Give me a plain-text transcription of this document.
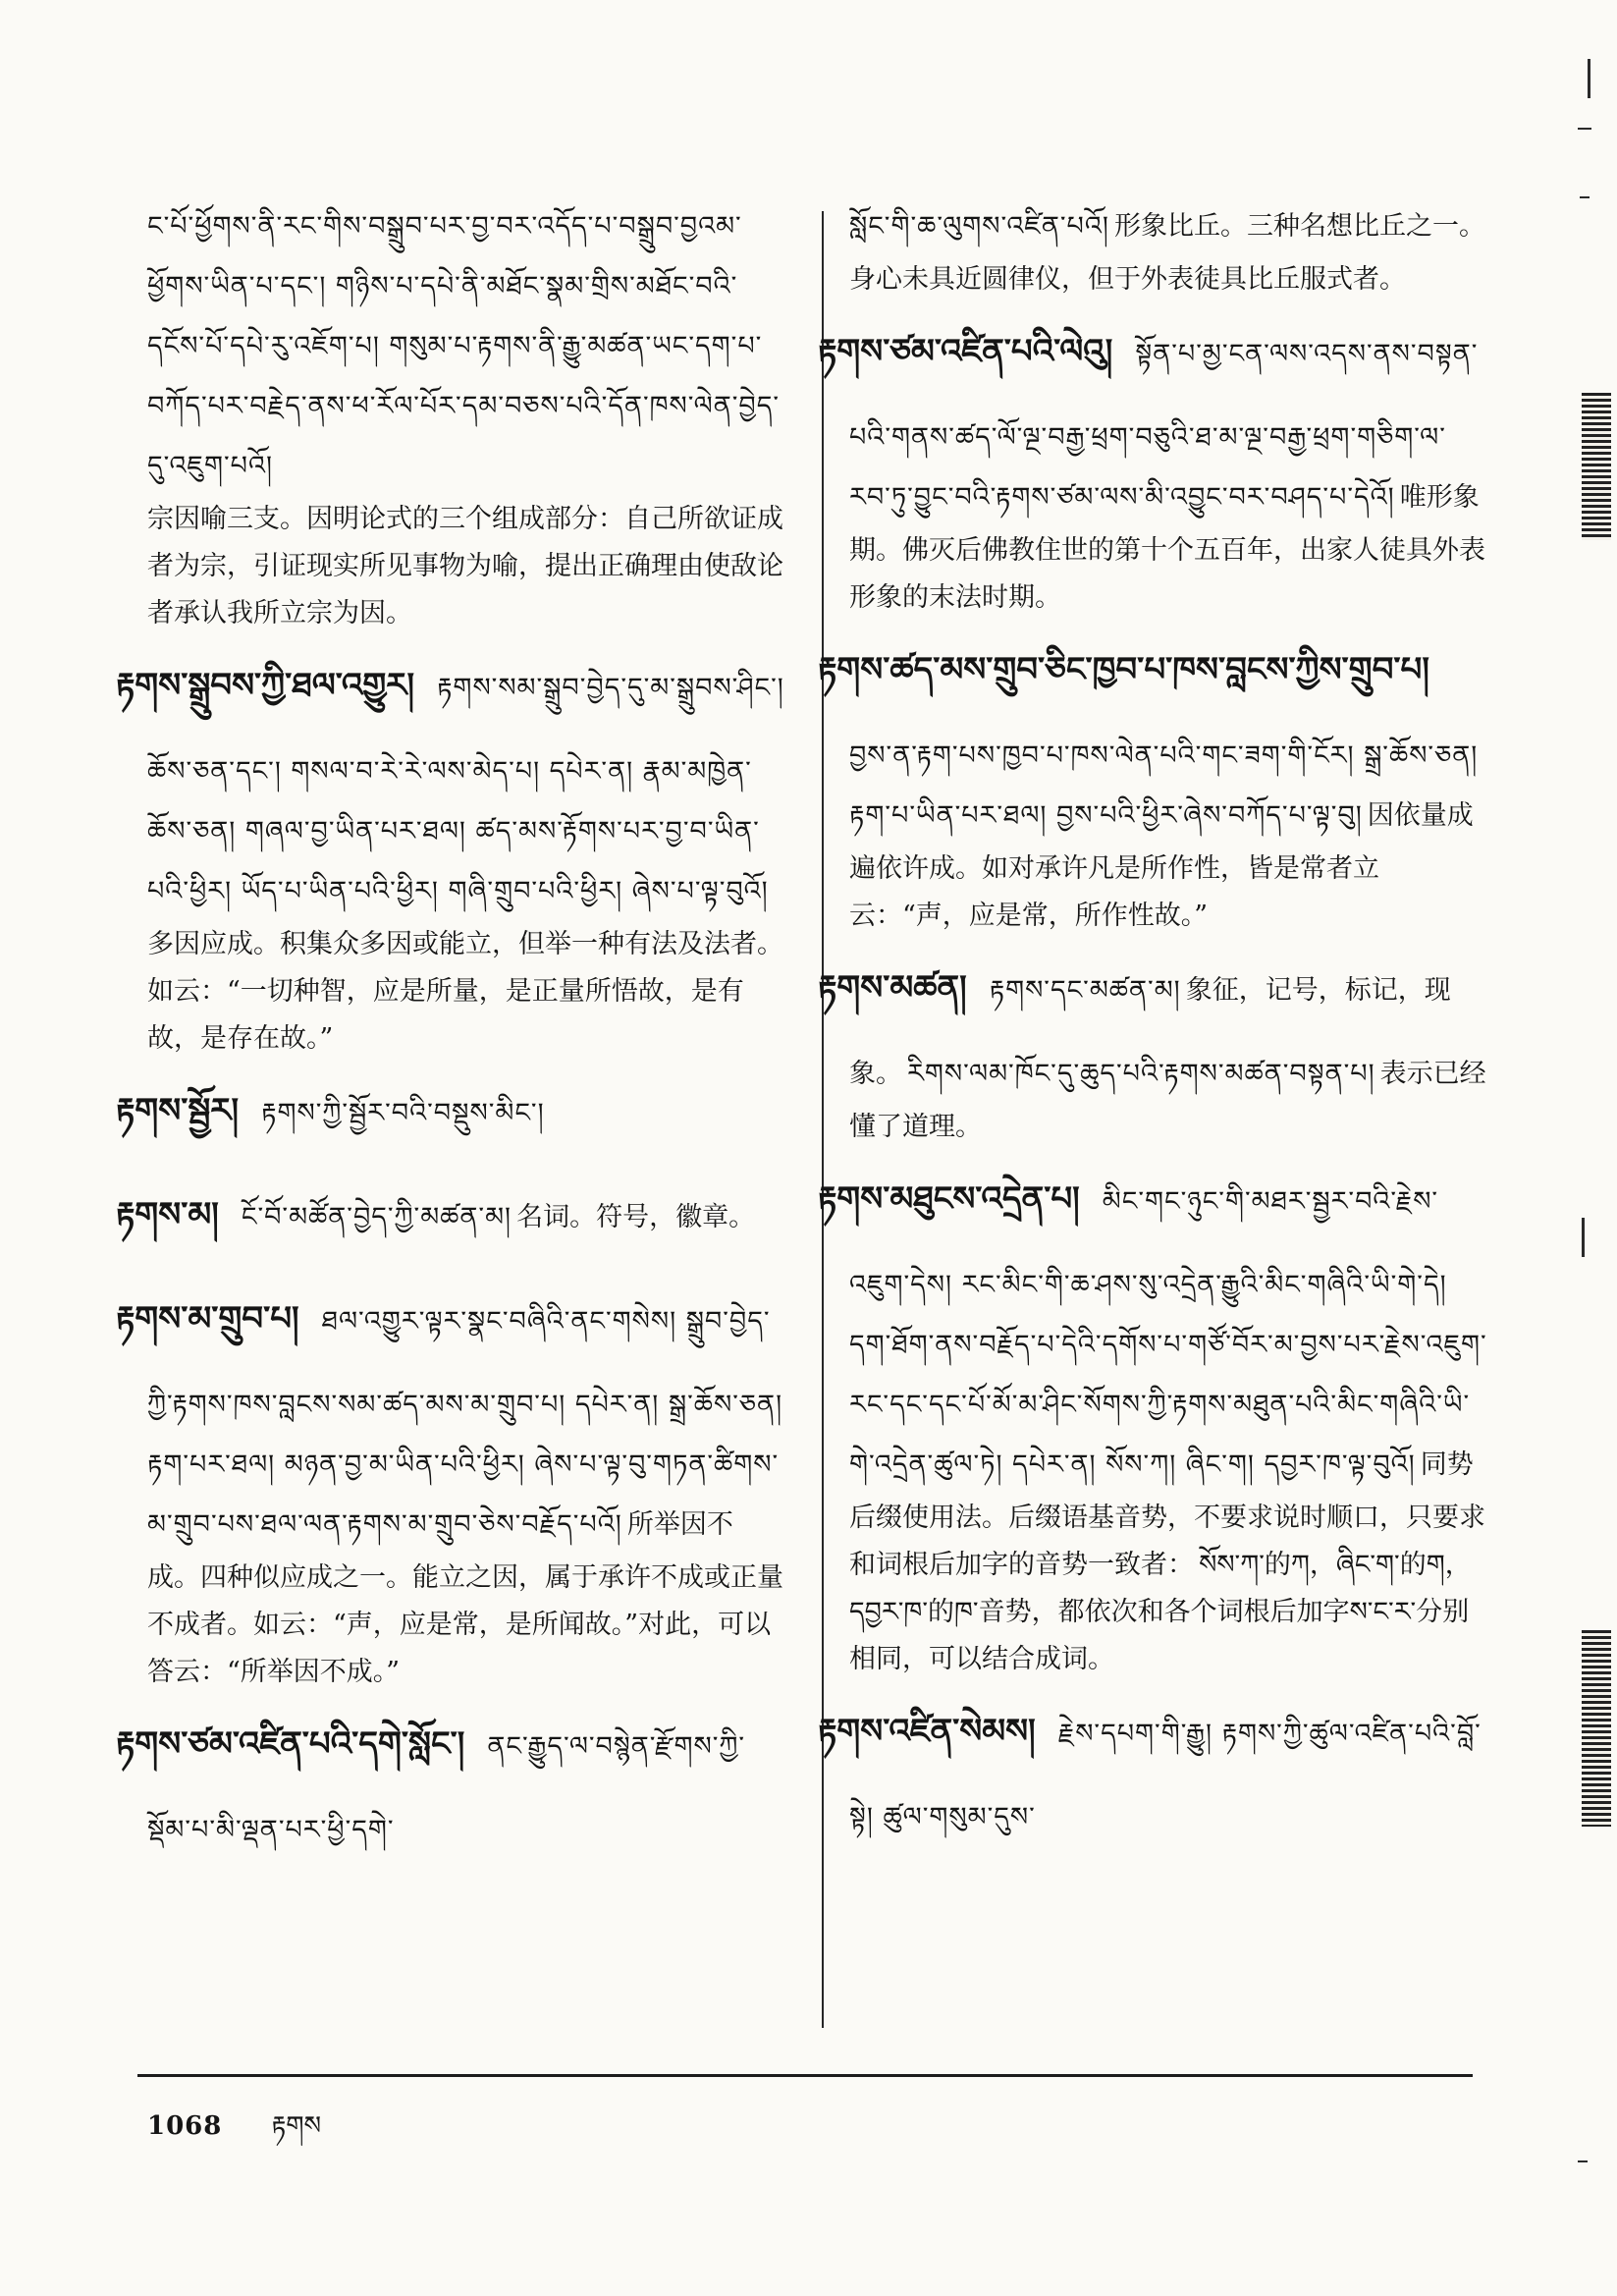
ང་པོ་ཕྱོགས་ནི་རང་གིས་བསྒྲུབ་པར་བྱ་བར་འདོད་པ་བསྒྲུབ་བྱའམ་ཕྱོགས་ཡིན་པ་དང་། གཉིས་པ་དཔེ་ནི་མཐོང་སྣམ་གྲིས་མཐོང་བའི་དངོས་པོ་དཔེ་རུ་འཇོག་པ། གསུམ་པ་རྟགས་ནི་རྒྱུ་མཚན་ཡང་དག་པ་བཀོད་པར་བརྗེད་ནས་ཕ་རོལ་པོར་དམ་བཅས་པའི་དོན་ཁས་ལེན་བྱེད་དུ་འཇུག་པའོ།
宗因喻三支。因明论式的三个组成部分：自己所欲证成者为宗，引证现实所见事物为喻，提出正确理由使敌论者承认我所立宗为因。
རྟགས་སྒྲུབས་ཀྱི་ཐལ་འགྱུར། རྟགས་སམ་སྒྲུབ་བྱེད་དུ་མ་སྒྲུབས་ཤིང་། ཆོས་ཅན་དང་། གསལ་བ་རེ་རེ་ལས་མེད་པ། དཔེར་ན། རྣམ་མཁྱེན་ཆོས་ཅན། གཞལ་བྱ་ཡིན་པར་ཐལ། ཚད་མས་རྟོགས་པར་བྱ་བ་ཡིན་པའི་ཕྱིར། ཡོད་པ་ཡིན་པའི་ཕྱིར། གཞི་གྲུབ་པའི་ཕྱིར། ཞེས་པ་ལྟ་བུའོ། 多因应成。积集众多因或能立，但举一种有法及法者。如云：“一切种智，应是所量，是正量所悟故，是有故，是存在故。”
རྟགས་སྦྱོར། རྟགས་ཀྱི་སྦྱོར་བའི་བསྡུས་མིང་།
རྟགས་མ། ངོ་བོ་མཚོན་བྱེད་ཀྱི་མཚན་མ། 名词。符号，徽章。
རྟགས་མ་གྲུབ་པ། ཐལ་འགྱུར་ལྟར་སྣང་བཞིའི་ནང་གསེས། སྒྲུབ་བྱེད་ཀྱི་རྟགས་ཁས་བླངས་སམ་ཚད་མས་མ་གྲུབ་པ། དཔེར་ན། སྒྲ་ཆོས་ཅན། རྟག་པར་ཐལ། མཉན་བྱ་མ་ཡིན་པའི་ཕྱིར། ཞེས་པ་ལྟ་བུ་གཏན་ཚིགས་མ་གྲུབ་པས་ཐལ་ལན་རྟགས་མ་གྲུབ་ཅེས་བརྗོད་པའོ། 所举因不成。四种似应成之一。能立之因，属于承许不成或正量不成者。如云：“声，应是常，是所闻故。”对此，可以答云：“所举因不成。”
རྟགས་ཙམ་འཛིན་པའི་དགེ་སློང་། ནང་རྒྱུད་ལ་བསྙེན་རྫོགས་ཀྱི་སྡོམ་པ་མི་ལྡན་པར་ཕྱི་དགེ་
སློང་གི་ཆ་ལུགས་འཛིན་པའོ། 形象比丘。三种名想比丘之一。身心未具近圆律仪，但于外表徒具比丘服式者。
རྟགས་ཙམ་འཛིན་པའི་ལེའུ། སྟོན་པ་མྱ་ངན་ལས་འདས་ནས་བསྟན་པའི་གནས་ཚད་ལོ་ལྔ་བརྒྱ་ཕྲག་བཅུའི་ཐ་མ་ལྔ་བརྒྱ་ཕྲག་གཅིག་ལ་རབ་ཏུ་བྱུང་བའི་རྟགས་ཙམ་ལས་མི་འབྱུང་བར་བཤད་པ་དེའོ། 唯形象期。佛灭后佛教住世的第十个五百年，出家人徒具外表形象的末法时期。
རྟགས་ཚད་མས་གྲུབ་ཅིང་ཁྱབ་པ་ཁས་བླངས་ཀྱིས་གྲུབ་པ། བྱས་ན་རྟག་པས་ཁྱབ་པ་ཁས་ལེན་པའི་གང་ཟག་གི་ངོར། སྒྲ་ཆོས་ཅན། རྟག་པ་ཡིན་པར་ཐལ། བྱས་པའི་ཕྱིར་ཞེས་བཀོད་པ་ལྟ་བུ། 因依量成遍依许成。如对承许凡是所作性，皆是常者立云：“声，应是常，所作性故。”
རྟགས་མཚན། རྟགས་དང་མཚན་མ། 象征，记号，标记，现象。 རིགས་ལམ་ཁོང་དུ་ཆུད་པའི་རྟགས་མཚན་བསྟན་པ། 表示已经懂了道理。
རྟགས་མཐུངས་འདྲེན་པ། མིང་གང་ཉུང་གི་མཐར་སྦྱར་བའི་རྗེས་འཇུག་དེས། རང་མིང་གི་ཆ་ཤས་སུ་འདྲེན་རྒྱུའི་མིང་གཞིའི་ཡི་གེ་དེ། དག་ཐོག་ནས་བརྗོད་པ་དེའི་དགོས་པ་གཙོ་བོར་མ་བྱས་པར་རྗེས་འཇུག་རང་དང་དང་པོ་མོ་མ་ཤིང་སོགས་ཀྱི་རྟགས་མཐུན་པའི་མིང་གཞིའི་ཡི་གེ་འདྲེན་ཚུལ་ཏེ། དཔེར་ན། སོས་ཀ། ཞིང་ག། དབྱར་ཁ་ལྟ་བུའོ། 同势后缀使用法。后缀语基音势，不要求说时顺口，只要求和词根后加字的音势一致者： སོས་ཀ་的ཀ，ཞིང་ག་的ག，དབྱར་ཁ་的ཁ་音势，都依次和各个词根后加字ས་ང་ར་分别相同，可以结合成词。
རྟགས་འཛིན་སེམས། རྗེས་དཔག་གི་རྒྱུ། རྟགས་ཀྱི་ཚུལ་འཛིན་པའི་བློ་སྟེ། ཚུལ་གསུམ་དུས་
1068 རྟགས
